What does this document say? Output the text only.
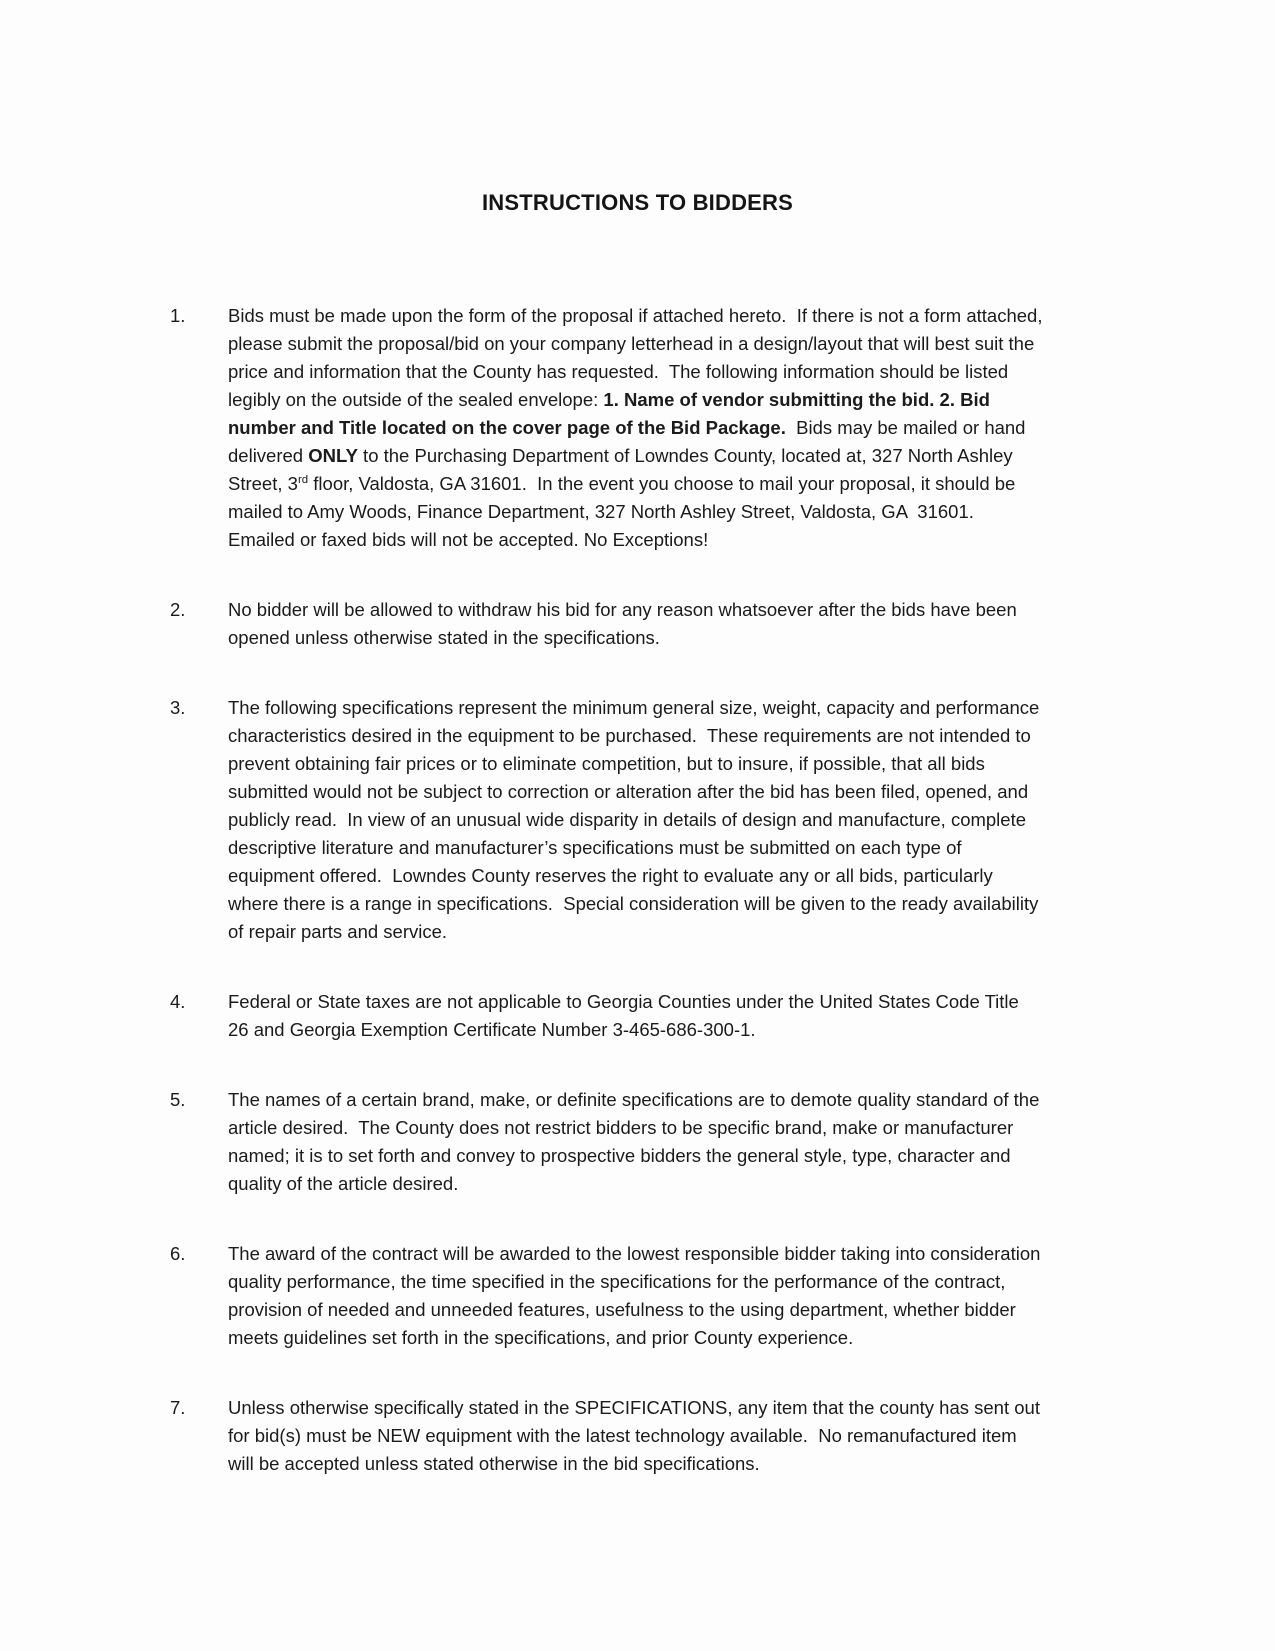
INSTRUCTIONS TO BIDDERS
1.	Bids must be made upon the form of the proposal if attached hereto.  If there is not a form attached, please submit the proposal/bid on your company letterhead in a design/layout that will best suit the price and information that the County has requested.  The following information should be listed legibly on the outside of the sealed envelope: 1. Name of vendor submitting the bid. 2. Bid number and Title located on the cover page of the Bid Package.  Bids may be mailed or hand delivered ONLY to the Purchasing Department of Lowndes County, located at, 327 North Ashley Street, 3rd floor, Valdosta, GA 31601.  In the event you choose to mail your proposal, it should be mailed to Amy Woods, Finance Department, 327 North Ashley Street, Valdosta, GA  31601. Emailed or faxed bids will not be accepted. No Exceptions!

2.	No bidder will be allowed to withdraw his bid for any reason whatsoever after the bids have been opened unless otherwise stated in the specifications.

3.	The following specifications represent the minimum general size, weight, capacity and performance characteristics desired in the equipment to be purchased.  These requirements are not intended to prevent obtaining fair prices or to eliminate competition, but to insure, if possible, that all bids submitted would not be subject to correction or alteration after the bid has been filed, opened, and publicly read.  In view of an unusual wide disparity in details of design and manufacture, complete descriptive literature and manufacturer’s specifications must be submitted on each type of equipment offered.  Lowndes County reserves the right to evaluate any or all bids, particularly where there is a range in specifications.  Special consideration will be given to the ready availability of repair parts and service.

4.	Federal or State taxes are not applicable to Georgia Counties under the United States Code Title 26 and Georgia Exemption Certificate Number 3-465-686-300-1.

5.	The names of a certain brand, make, or definite specifications are to demote quality standard of the article desired.  The County does not restrict bidders to be specific brand, make or manufacturer named; it is to set forth and convey to prospective bidders the general style, type, character and quality of the article desired.

6.	The award of the contract will be awarded to the lowest responsible bidder taking into consideration quality performance, the time specified in the specifications for the performance of the contract, provision of needed and unneeded features, usefulness to the using department, whether bidder meets guidelines set forth in the specifications, and prior County experience.

7.	Unless otherwise specifically stated in the SPECIFICATIONS, any item that the county has sent out for bid(s) must be NEW equipment with the latest technology available.  No remanufactured item will be accepted unless stated otherwise in the bid specifications.
